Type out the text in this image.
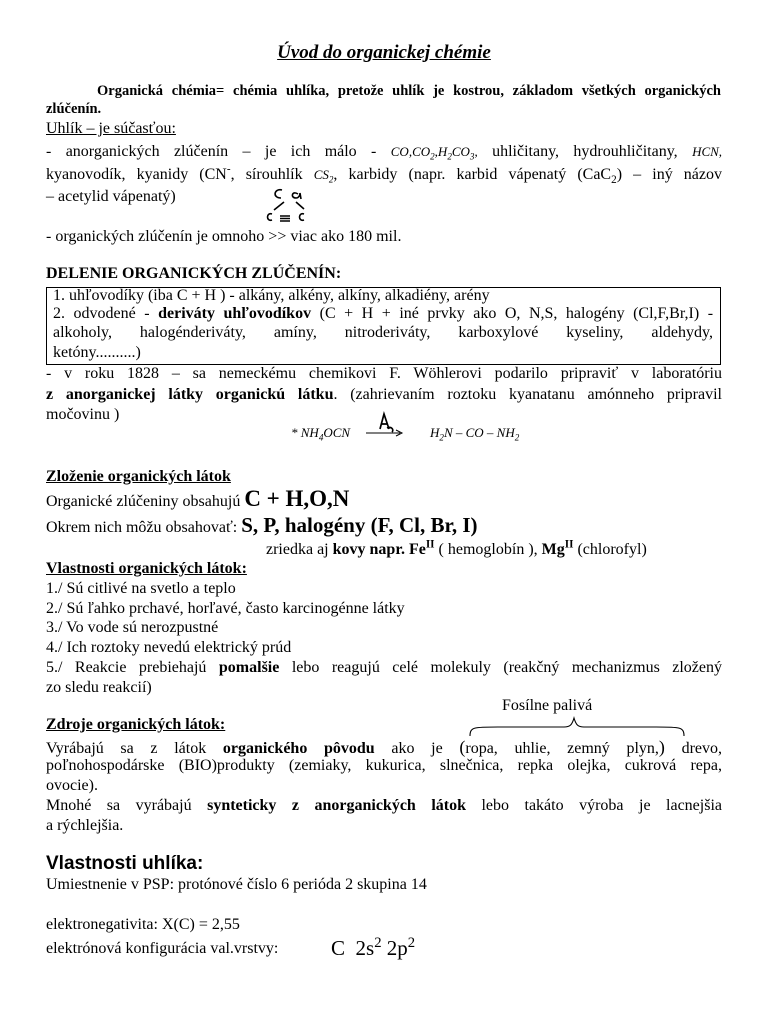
Úvod do organickej chémie
Organická chémia= chémia uhlíka, pretože uhlík je kostrou, základom všetkých organických
zlúčenín.
Uhlík – je súčasťou:
- anorganických zlúčenín – je ich málo - $CO,CO_2,H_2CO_3$, uhličitany, hydrouhličitany, HCN,
kyanovodík, kyanidy (CN-, sírouhlík $CS_2$, karbidy (napr. karbid vápenatý (CaC$_2$) – iný názov
– acetylid vápenatý)
- organických zlúčenín je omnoho >> viac ako 180 mil.
DELENIE ORGANICKÝCH ZLÚČENÍN:
1. uhľovodíky (iba C + H ) - alkány, alkény, alkíny, alkadiény, arény
2. odvodené - deriváty uhľovodíkov (C + H + iné prvky ako O, N,S, halogény (Cl,F,Br,I) -
alkoholy, halogénderiváty, amíny, nitroderiváty, karboxylové kyseliny, aldehydy,
ketóny..........)
- v roku 1828 – sa nemeckému chemikovi F. Wöhlerovi podarilo pripraviť v laboratóriu
z anorganickej látky organickú látku. (zahrievaním roztoku kyanatanu amónneho pripravil
močovinu )
* $NH_4OCN$	$H_2N$ – CO – $NH_2$
Zloženie organických látok
Organické zlúčeniny obsahujú C + H,O,N
Okrem nich môžu obsahovať: S, P, halogény (F, Cl, Br, I)
zriedka aj kovy napr. $Fe^{II}$ ( hemoglobín ), $Mg^{II}$ (chlorofyl)
Vlastnosti organických látok:
1./ Sú citlivé na svetlo a teplo
2./ Sú ľahko prchavé, horľavé, často karcinogénne látky
3./ Vo vode sú nerozpustné
4./ Ich roztoky nevedú elektrický prúd
5./ Reakcie prebiehajú pomalšie lebo reagujú celé molekuly (reakčný mechanizmus zložený
zo sledu reakcií)
Fosílne palivá
Zdroje organických látok:
Vyrábajú sa z látok organického pôvodu ako je (ropa, uhlie, zemný plyn,) drevo,
poľnohospodárske (BIO)produkty (zemiaky, kukurica, slnečnica, repka olejka, cukrová repa,
ovocie).
Mnohé sa vyrábajú synteticky z anorganických látok lebo takáto výroba je lacnejšia
a rýchlejšia.
Vlastnosti uhlíka:
Umiestnenie v PSP: protónové číslo 6 perióda 2 skupina 14
elektronegativita: X(C) = 2,55
elektrónová konfigurácia val.vrstvy:	C $2s^2$ $2p^2$
